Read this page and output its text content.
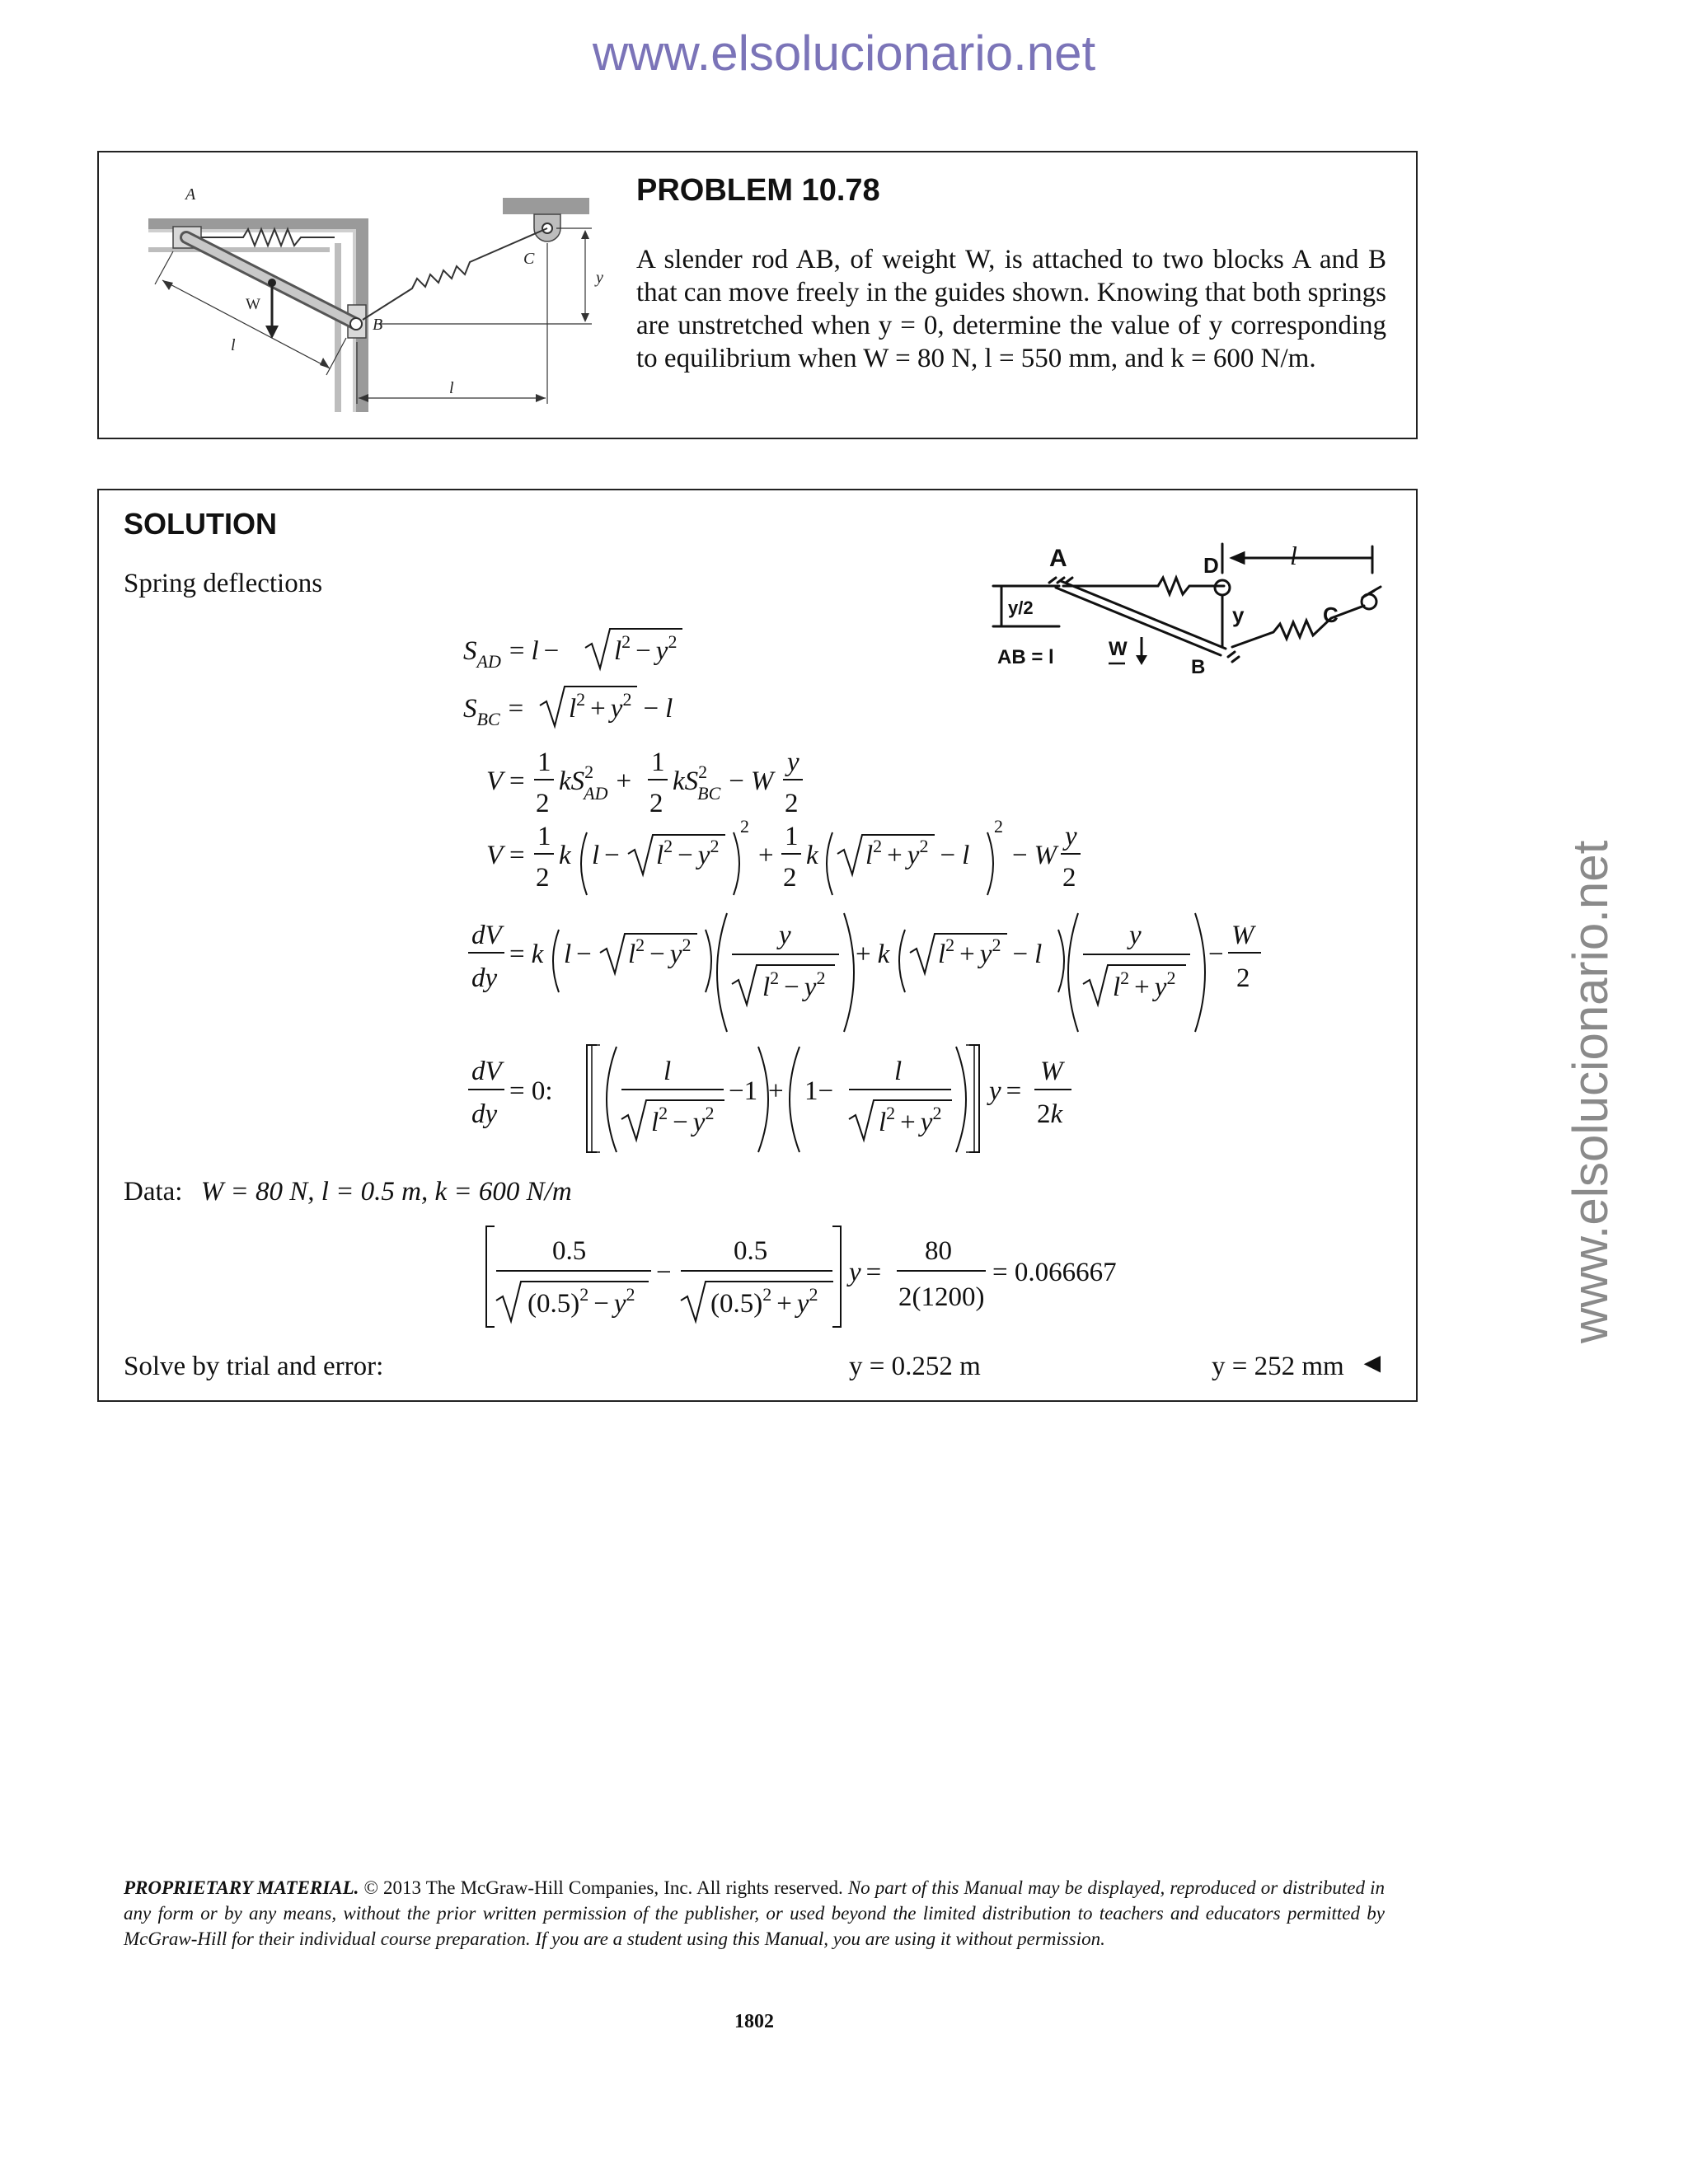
www.elsolucionario.net
www.elsolucionario.net
A
C
y
W
B
l
l
PROBLEM 10.78
A slender rod AB, of weight W, is attached to two blocks A and B that can move freely in the guides shown. Knowing that both springs are unstretched when y = 0, determine the value of y corresponding to equilibrium when W = 80 N, l = 550 mm, and k = 600 N/m.
SOLUTION
Spring deflections
A	D	l
y/2	y	C
AB = l	W
B
$S_{AD} = l - l^2 - y^2$
$S_{BC} = l^2 + y^2 - l$
V =
1
2
$kS^2$ AD +
1
2
$kS^2$ BC − W
y
2
V =
1
2
k $l - l^2 - y^2$
2
+
1
2
k $l^2 + y^2 - l$
2
− W
y
2
dV
dy
= k $l - l^2 - y^2$	y
$l^2 - y^2$
+ k $l^2 + y^2 - l$
y
$l^2 + y^2$
−
W
2
dV
dy
= 0:
l
$l^2 - y^2$
−1 + 1−
l
$l^2 + y^2$
y =
W
2k
0.5
$(0.5)^2 - y^2$
−
0.5
$(0.5)^2 + y^2$
y =
80
2(1200)
= 0.066667
Data: W = 80 N, l = 0.5 m, k = 600 N/m
Solve by trial and error:	y = 0.252 m	y = 252 mm ◄
PROPRIETARY MATERIAL. © 2013 The McGraw-Hill Companies, Inc. All rights reserved. No part of this Manual may be displayed, reproduced or distributed in any form or by any means, without the prior written permission of the publisher, or used beyond the limited distribution to teachers and educators permitted by McGraw-Hill for their individual course preparation. If you are a student using this Manual, you are using it without permission.
1802
